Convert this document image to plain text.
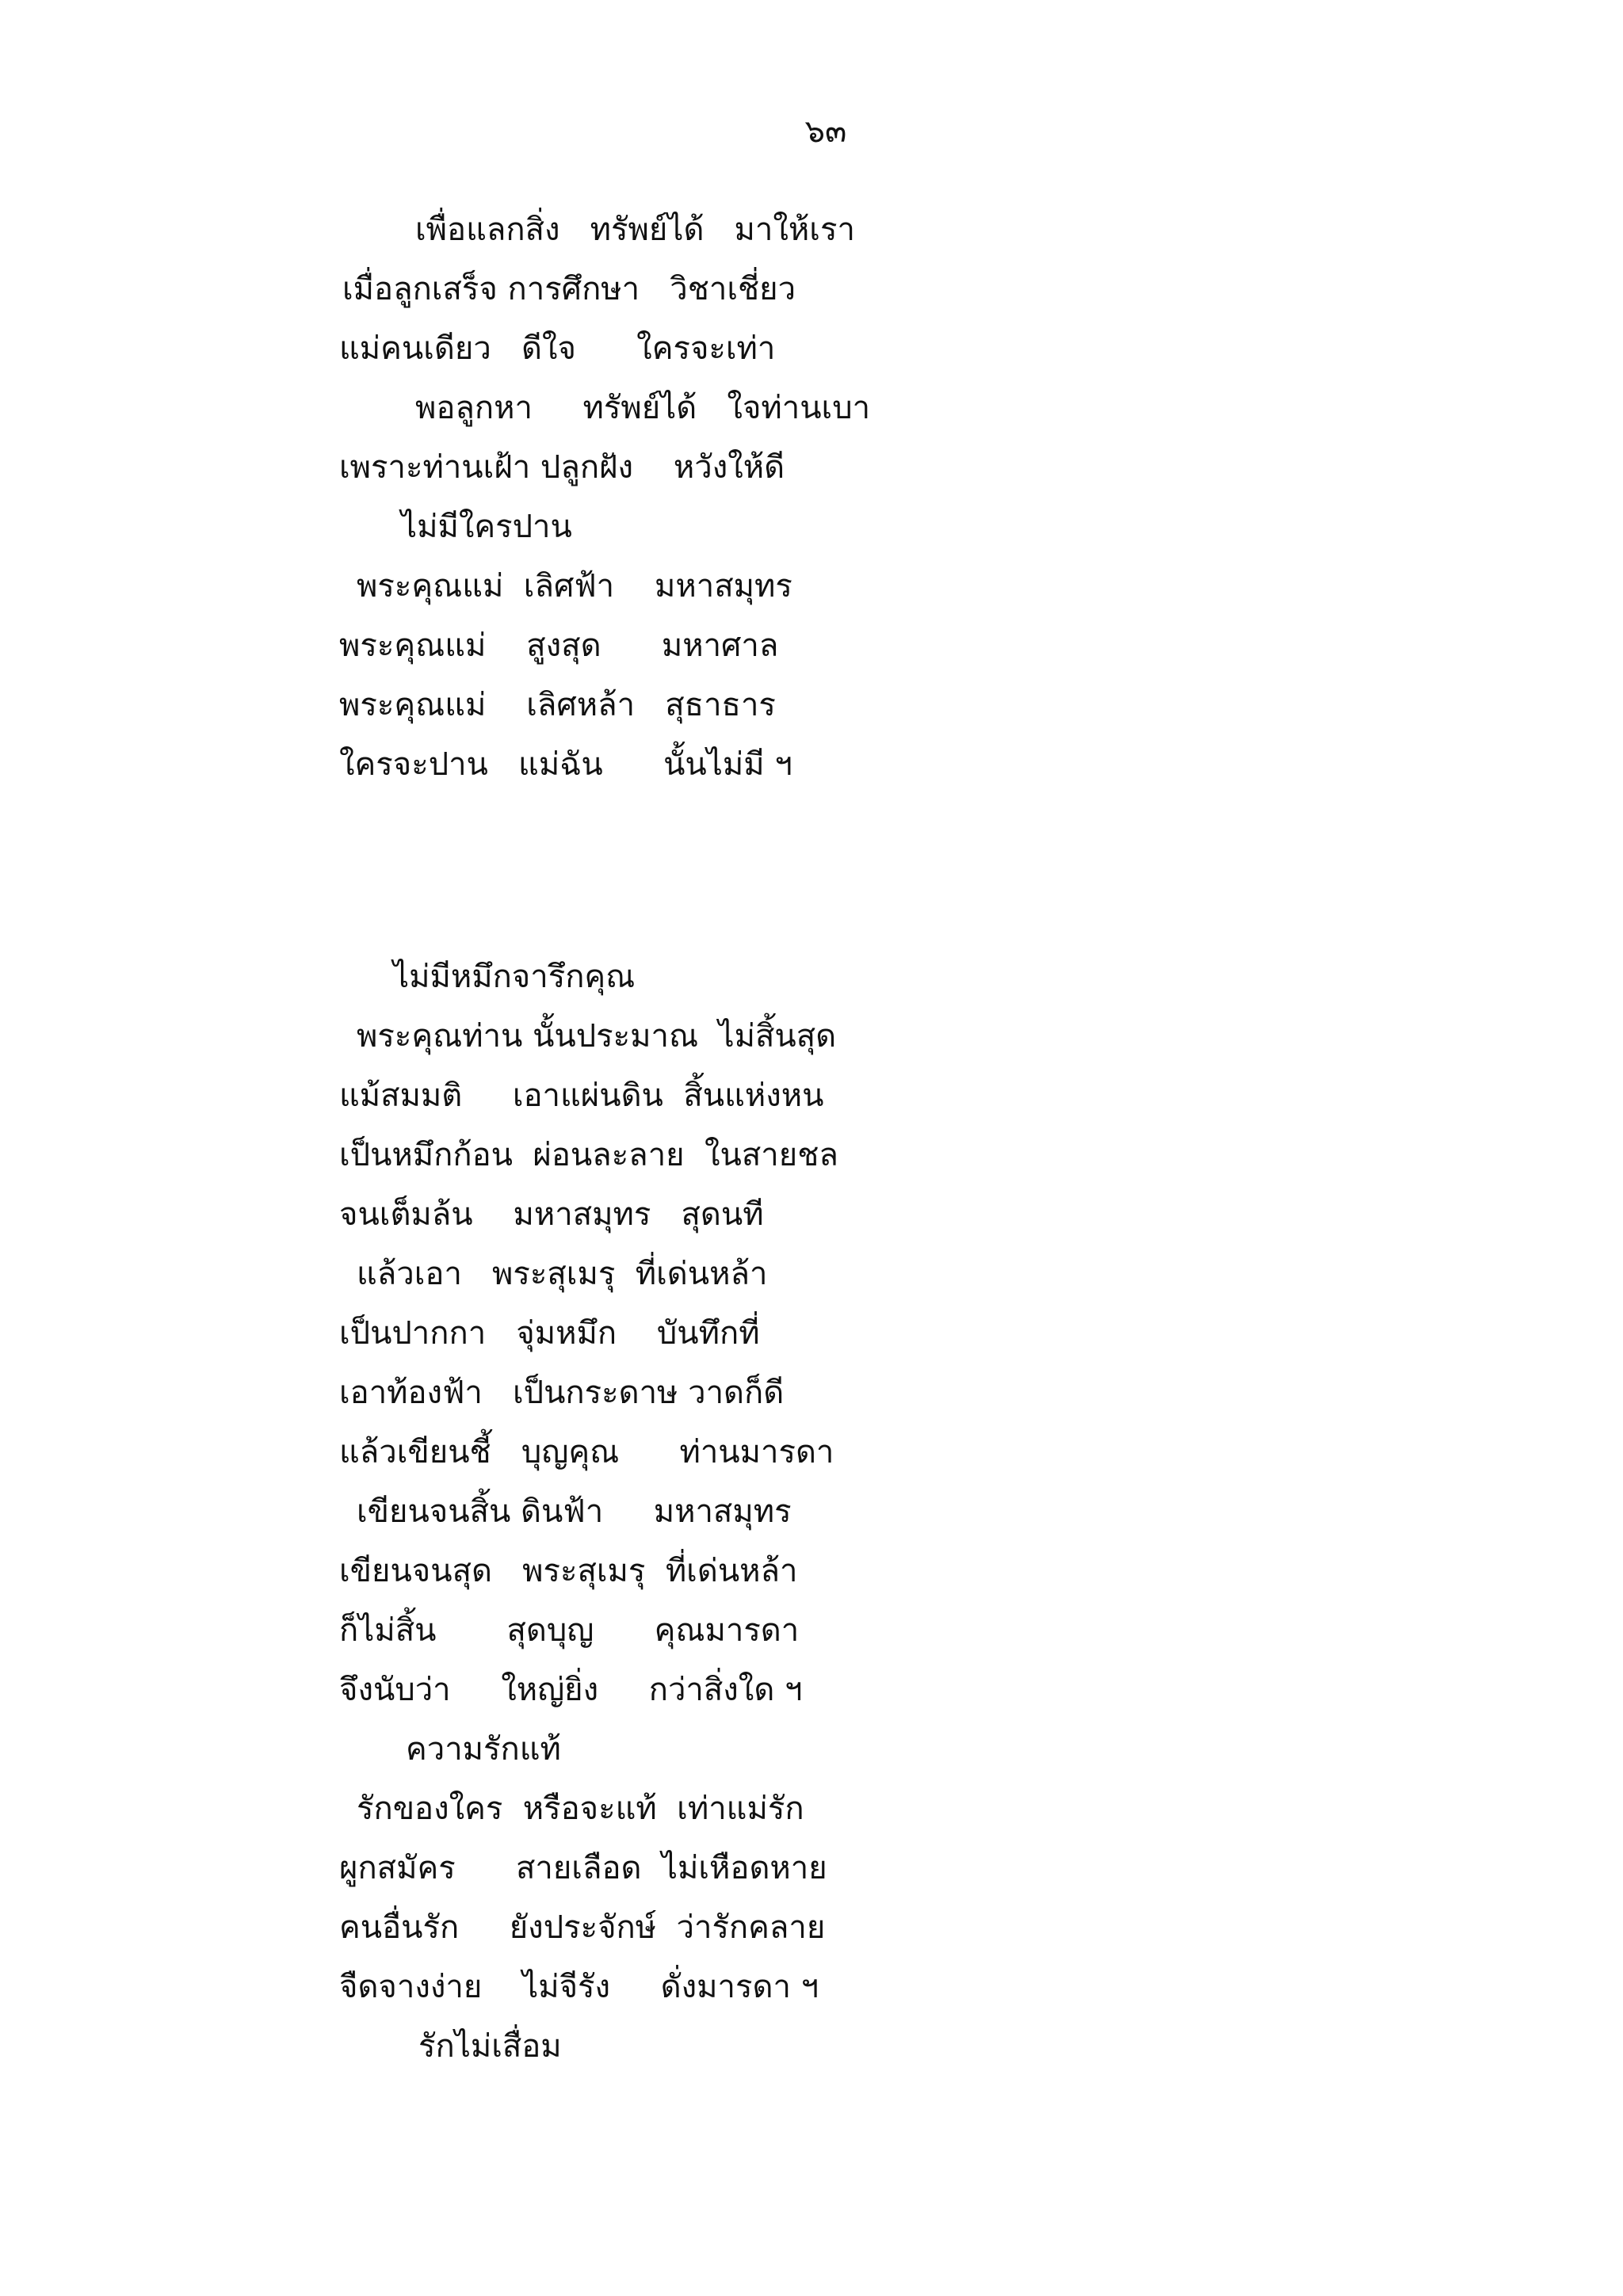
๖๓
เพื่อแลกสิ่ง   ทรัพย์ได้   มาให้เรา
เมื่อลูกเสร็จ การศึกษา   วิชาเชี่ยว
แม่คนเดียว   ดีใจ      ใครจะเท่า
พอลูกหา     ทรัพย์ได้   ใจท่านเบา
เพราะท่านเฝ้า ปลูกฝัง    หวังให้ดี
ไม่มีใครปาน
พระคุณแม่  เลิศฟ้า    มหาสมุทร
พระคุณแม่    สูงสุด      มหาศาล
พระคุณแม่    เลิศหล้า   สุธาธาร
ใครจะปาน   แม่ฉัน      นั้นไม่มี ฯ
ไม่มีหมึกจารึกคุณ
พระคุณท่าน นั้นประมาณ  ไม่สิ้นสุด
แม้สมมติ     เอาแผ่นดิน  สิ้นแห่งหน
เป็นหมึกก้อน  ผ่อนละลาย  ในสายชล
จนเต็มล้น    มหาสมุทร   สุดนที
แล้วเอา   พระสุเมรุ  ที่เด่นหล้า
เป็นปากกา   จุ่มหมึก    บันทึกที่
เอาท้องฟ้า   เป็นกระดาษ วาดก็ดี
แล้วเขียนชี้   บุญคุณ      ท่านมารดา
เขียนจนสิ้น ดินฟ้า     มหาสมุทร
เขียนจนสุด   พระสุเมรุ  ที่เด่นหล้า
ก็ไม่สิ้น       สุดบุญ      คุณมารดา
จึงนับว่า     ใหญ่ยิ่ง     กว่าสิ่งใด ฯ
ความรักแท้
รักของใคร  หรือจะแท้  เท่าแม่รัก
ผูกสมัคร      สายเลือด  ไม่เหือดหาย
คนอื่นรัก     ยังประจักษ์  ว่ารักคลาย
จืดจางง่าย    ไม่จีรัง     ดั่งมารดา ฯ
รักไม่เสื่อม
